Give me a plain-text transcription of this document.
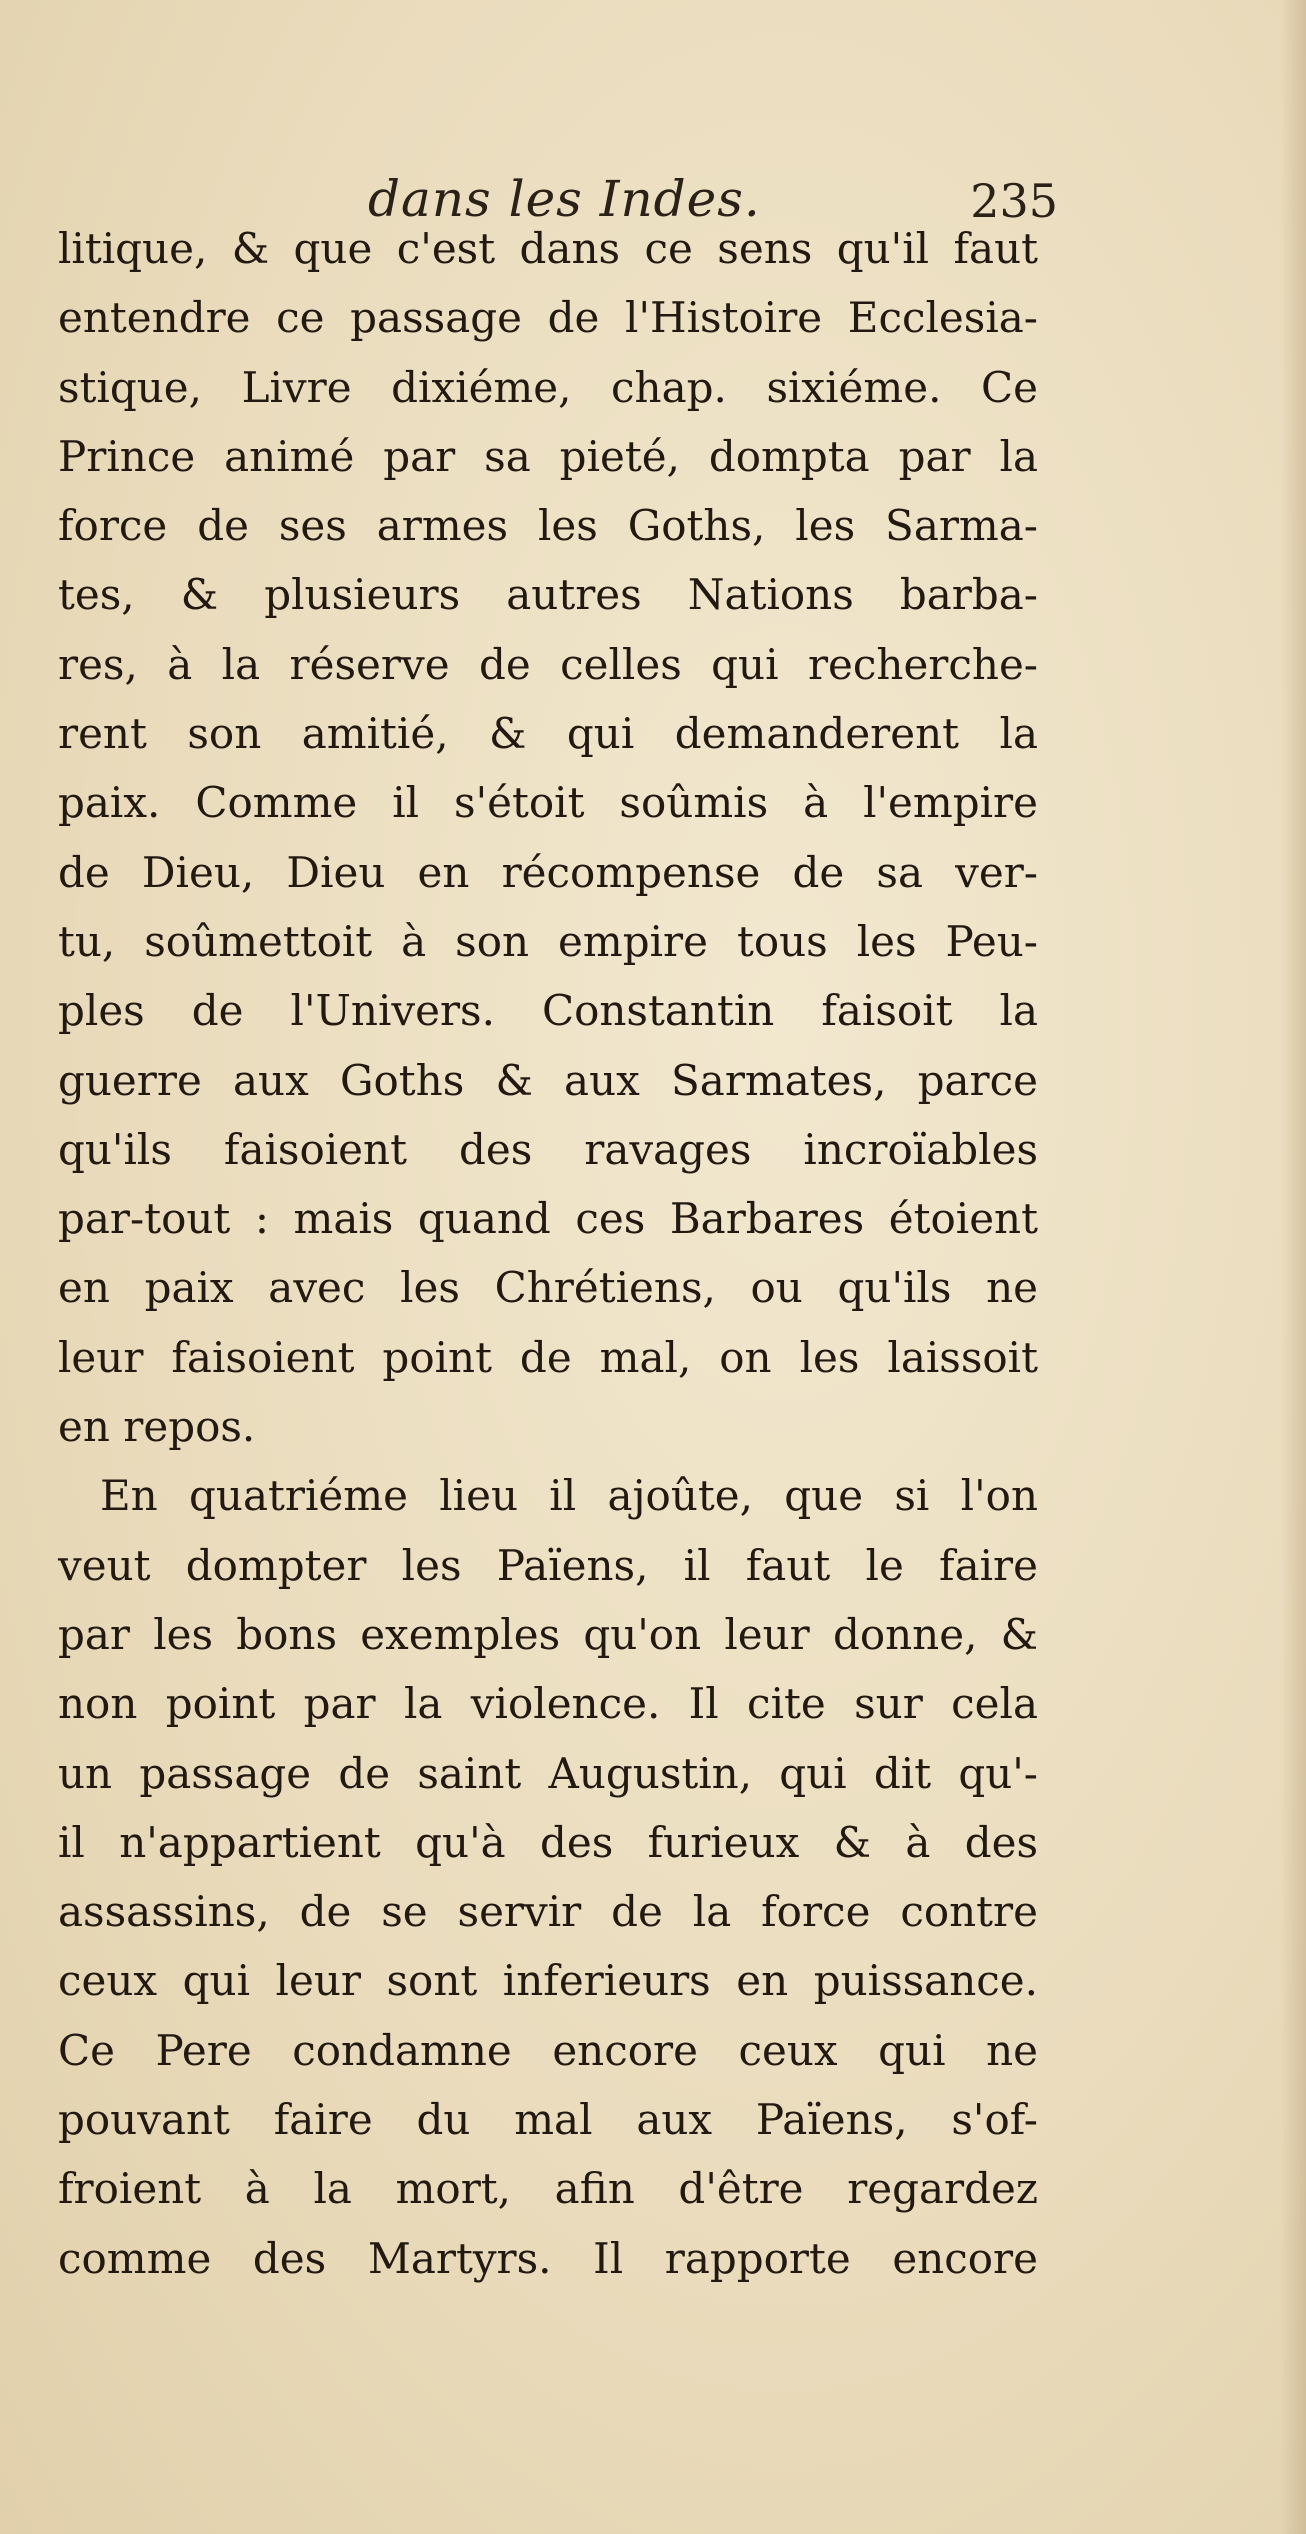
dans les Indes.	235
litique, & que c'est dans ce sens qu'il faut
entendre ce passage de l'Histoire Ecclesia-
stique, Livre dixiéme, chap. sixiéme. Ce
Prince animé par sa pieté, dompta par la
force de ses armes les Goths, les Sarma-
tes, & plusieurs autres Nations barba-
res, à la réserve de celles qui recherche-
rent son amitié, & qui demanderent la
paix. Comme il s'étoit soûmis à l'empire
de Dieu, Dieu en récompense de sa ver-
tu, soûmettoit à son empire tous les Peu-
ples de l'Univers. Constantin faisoit la
guerre aux Goths & aux Sarmates, parce
qu'ils faisoient des ravages incroïables
par-tout : mais quand ces Barbares étoient
en paix avec les Chrétiens, ou qu'ils ne
leur faisoient point de mal, on les laissoit
en repos.
En quatriéme lieu il ajoûte, que si l'on
veut dompter les Païens, il faut le faire
par les bons exemples qu'on leur donne, &
non point par la violence. Il cite sur cela
un passage de saint Augustin, qui dit qu'-
il n'appartient qu'à des furieux & à des
assassins, de se servir de la force contre
ceux qui leur sont inferieurs en puissance.
Ce Pere condamne encore ceux qui ne
pouvant faire du mal aux Païens, s'of-
froient à la mort, afin d'être regardez
comme des Martyrs. Il rapporte encore
